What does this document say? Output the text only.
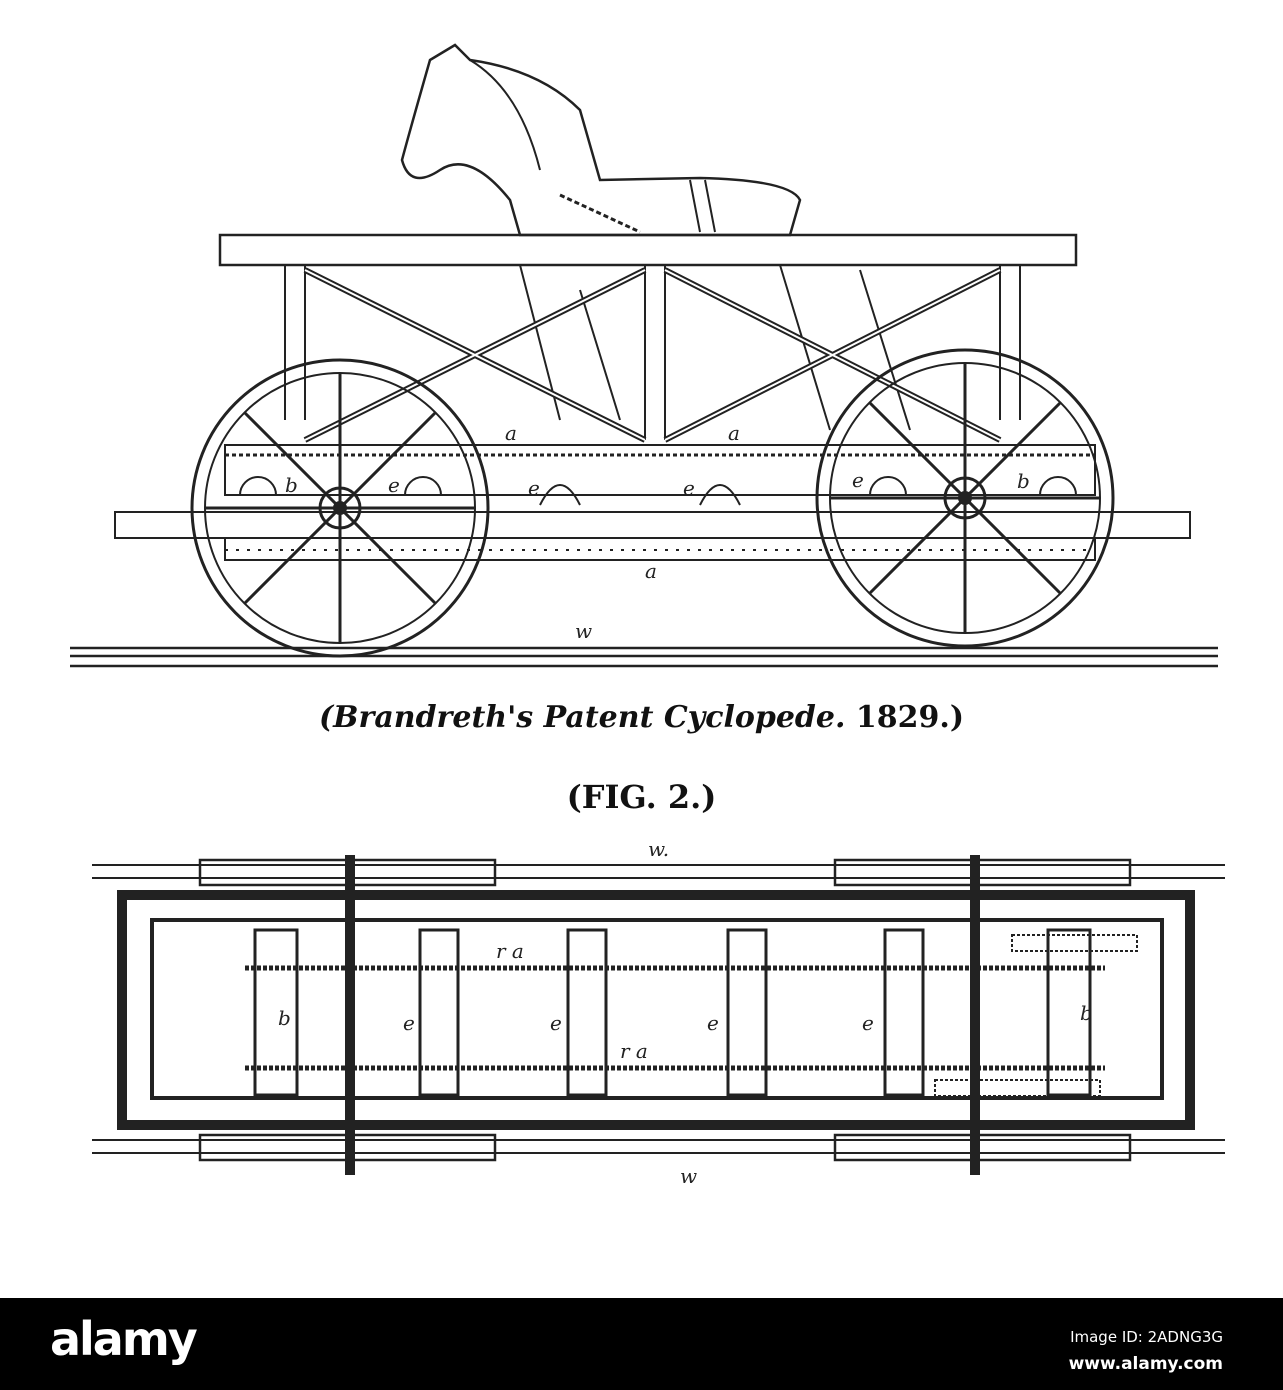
a	a
a
b	b
e	e	e	e
w
w.
w
r a
r a
b	b
e	e	e	e
(Brandreth's Patent Cyclopede. 1829.)
(FIG. 2.)
alamy	Image ID: 2ADNG3G
www.alamy.com
